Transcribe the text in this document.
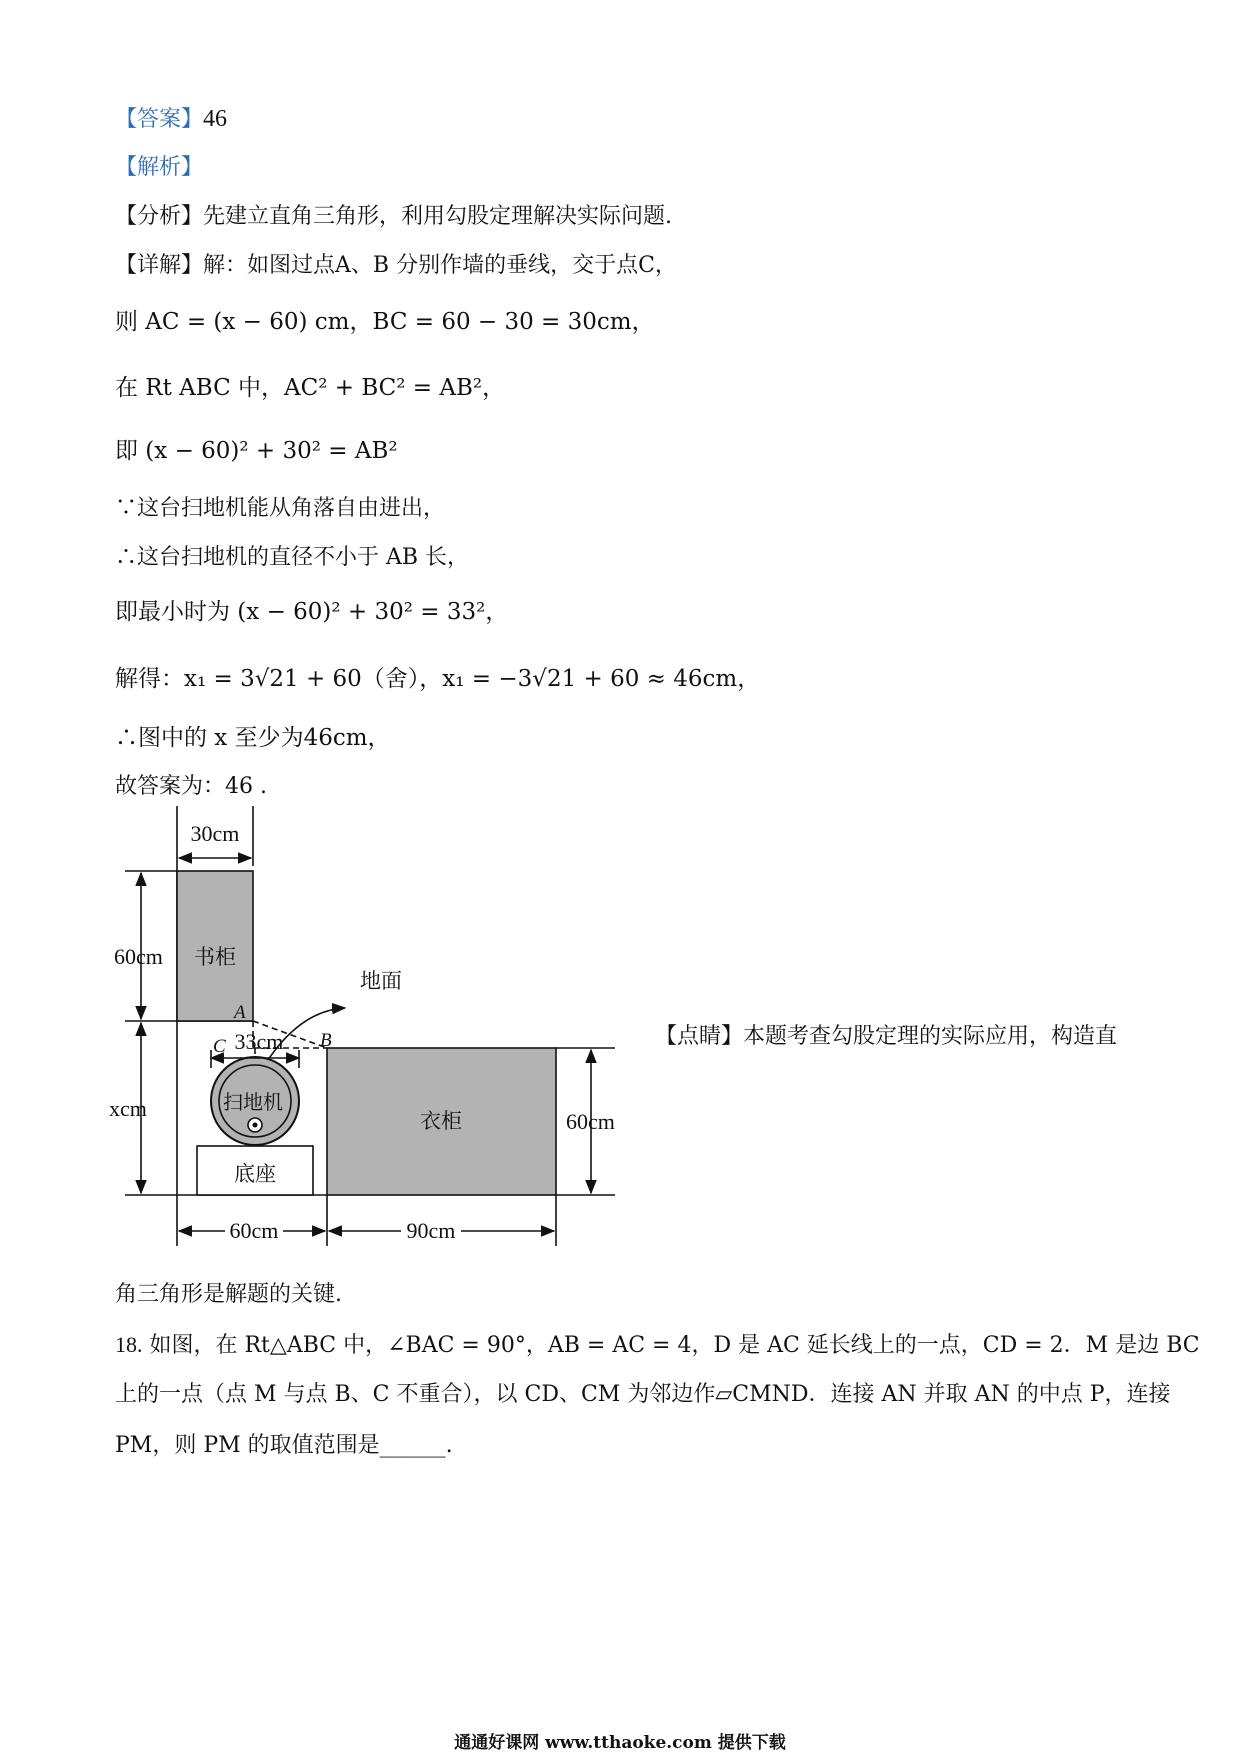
【答案】46
【解析】
【分析】先建立直角三角形，利用勾股定理解决实际问题.
【详解】解：如图过点A、B 分别作墙的垂线，交于点C，
则 AC = (x − 60) cm，BC = 60 − 30 = 30cm，
在 Rt ABC 中，AC² + BC² = AB²，
即 (x − 60)² + 30² = AB²
∵这台扫地机能从角落自由进出，
∴这台扫地机的直径不小于 AB 长，
即最小时为 (x − 60)² + 30² = 33²，
解得：x₁ = 3√21 + 60（舍），x₁ = −3√21 + 60 ≈ 46cm，
∴图中的 x 至少为46cm，
故答案为：46 .
30cm
60cm 书柜
地面
A
B
C 33cm
扫地机
xcm
底座
衣柜	60cm
60cm	90cm
【点睛】本题考查勾股定理的实际应用，构造直
角三角形是解题的关键.
18. 如图，在 Rt△ABC 中，∠BAC = 90°，AB = AC = 4，D 是 AC 延长线上的一点，CD = 2．M 是边 BC
上的一点（点 M 与点 B、C 不重合），以 CD、CM 为邻边作▱CMND．连接 AN 并取 AN 的中点 P，连接
PM，则 PM 的取值范围是______.
通通好课网 www.tthaoke.com 提供下载
